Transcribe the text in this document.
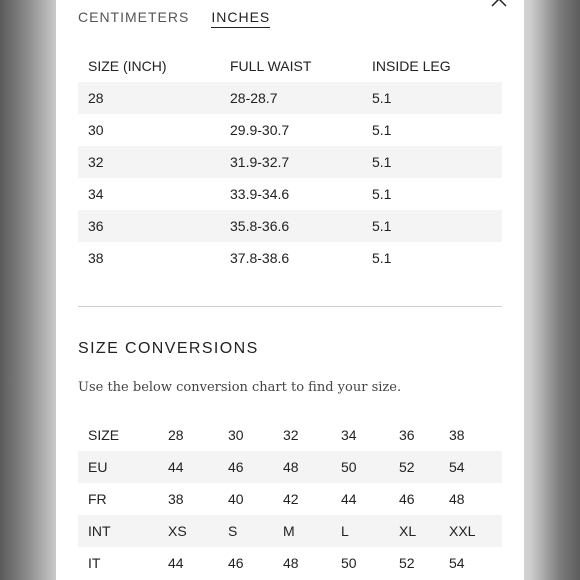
CENTIMETERS INCHES
SIZE (INCH)	FULL WAIST	INSIDE LEG
28	28-28.7	5.1
30	29.9-30.7	5.1
32	31.9-32.7	5.1
34	33.9-34.6	5.1
36	35.8-36.6	5.1
38	37.8-38.6	5.1
SIZE CONVERSIONS
Use the below conversion chart to find your size.
SIZE	28	30	32	34	36	38
EU	44	46	48	50	52	54
FR	38	40	42	44	46	48
INT	XS	S	M	L	XL	XXL
IT	44	46	48	50	52	54
